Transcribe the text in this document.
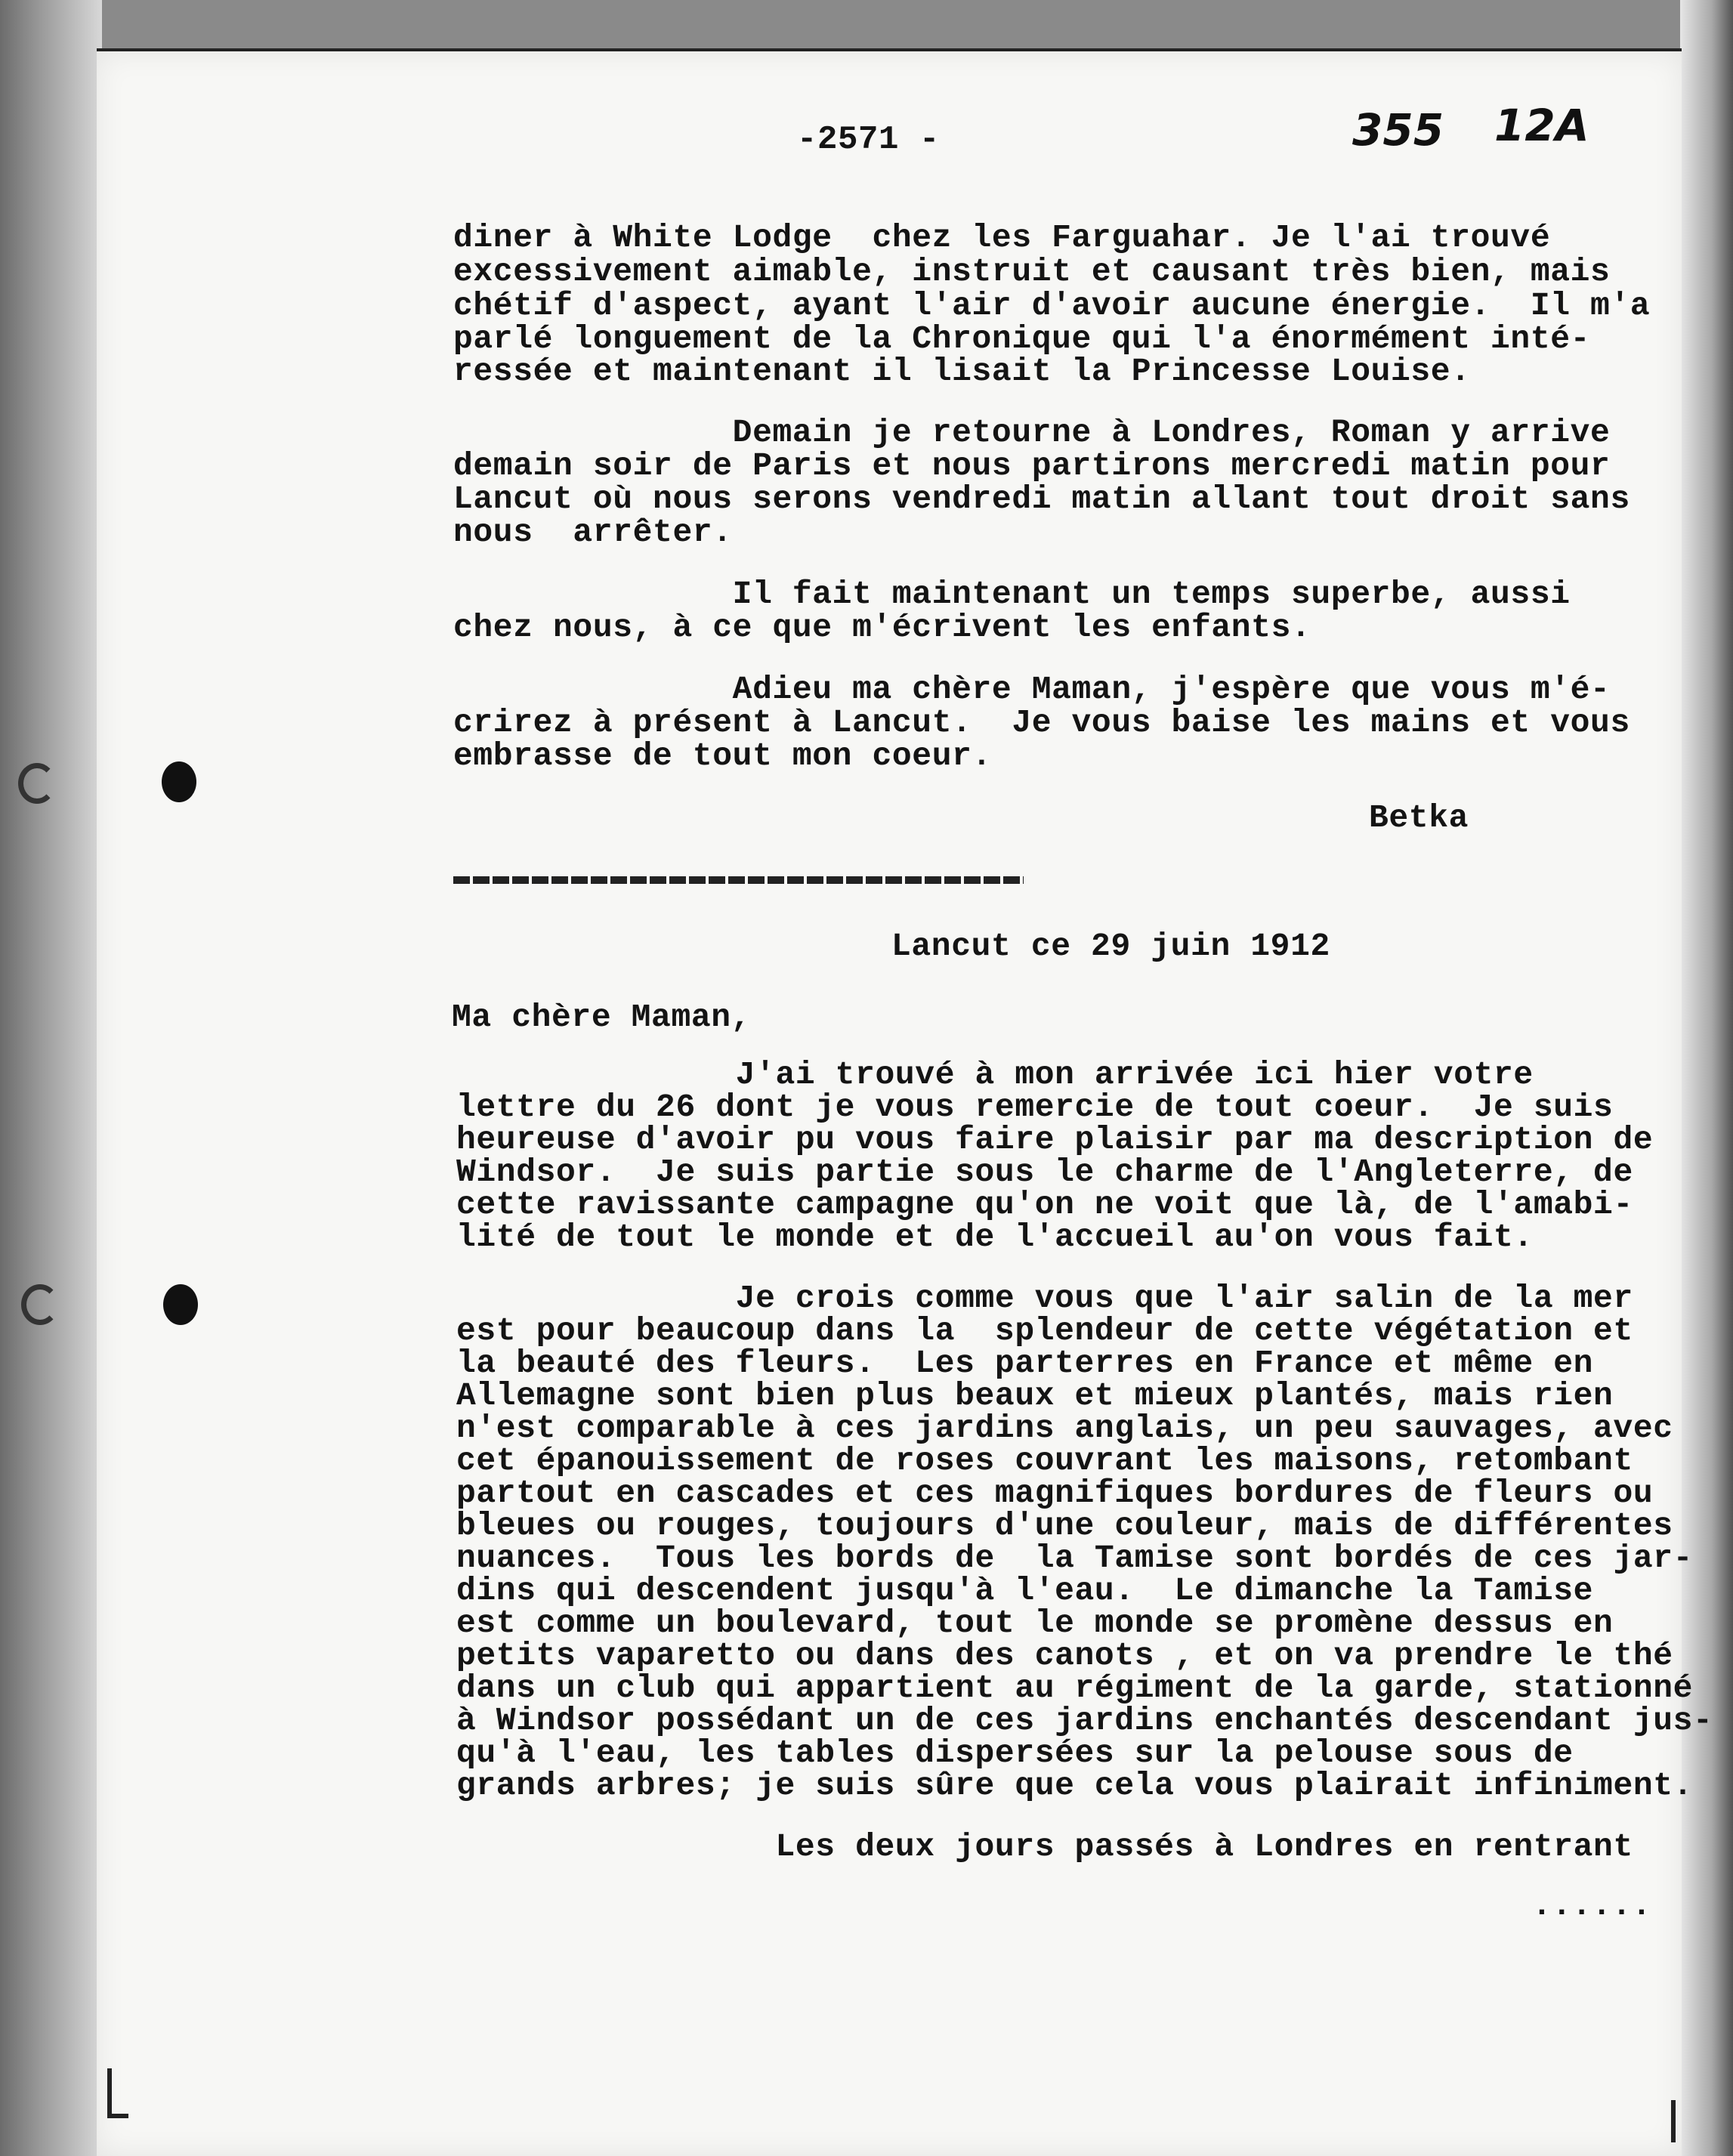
-2571 -	355 12A
diner à White Lodge  chez les Farguahar. Je l'ai trouvé
excessivement aimable, instruit et causant très bien, mais
chétif d'aspect, ayant l'air d'avoir aucune énergie.  Il m'a
parlé longuement de la Chronique qui l'a énormément inté-
ressée et maintenant il lisait la Princesse Louise.
Demain je retourne à Londres, Roman y arrive
demain soir de Paris et nous partirons mercredi matin pour
Lancut où nous serons vendredi matin allant tout droit sans
nous  arrêter.
Il fait maintenant un temps superbe, aussi
chez nous, à ce que m'écrivent les enfants.
Adieu ma chère Maman, j'espère que vous m'é-
crirez à présent à Lancut.  Je vous baise les mains et vous
embrasse de tout mon coeur.
Betka
Lancut ce 29 juin 1912
Ma chère Maman,
J'ai trouvé à mon arrivée ici hier votre
lettre du 26 dont je vous remercie de tout coeur.  Je suis
heureuse d'avoir pu vous faire plaisir par ma description de
Windsor.  Je suis partie sous le charme de l'Angleterre, de
cette ravissante campagne qu'on ne voit que là, de l'amabi-
lité de tout le monde et de l'accueil au'on vous fait.
Je crois comme vous que l'air salin de la mer
est pour beaucoup dans la  splendeur de cette végétation et
la beauté des fleurs.  Les parterres en France et même en
Allemagne sont bien plus beaux et mieux plantés, mais rien
n'est comparable à ces jardins anglais, un peu sauvages, avec
cet épanouissement de roses couvrant les maisons, retombant
partout en cascades et ces magnifiques bordures de fleurs ou
bleues ou rouges, toujours d'une couleur, mais de différentes
nuances.  Tous les bords de  la Tamise sont bordés de ces jar-
dins qui descendent jusqu'à l'eau.  Le dimanche la Tamise
est comme un boulevard, tout le monde se promène dessus en
petits vaparetto ou dans des canots , et on va prendre le thé
dans un club qui appartient au régiment de la garde, stationné
à Windsor possédant un de ces jardins enchantés descendant jus-
qu'à l'eau, les tables dispersées sur la pelouse sous de
grands arbres; je suis sûre que cela vous plairait infiniment.
Les deux jours passés à Londres en rentrant
......
